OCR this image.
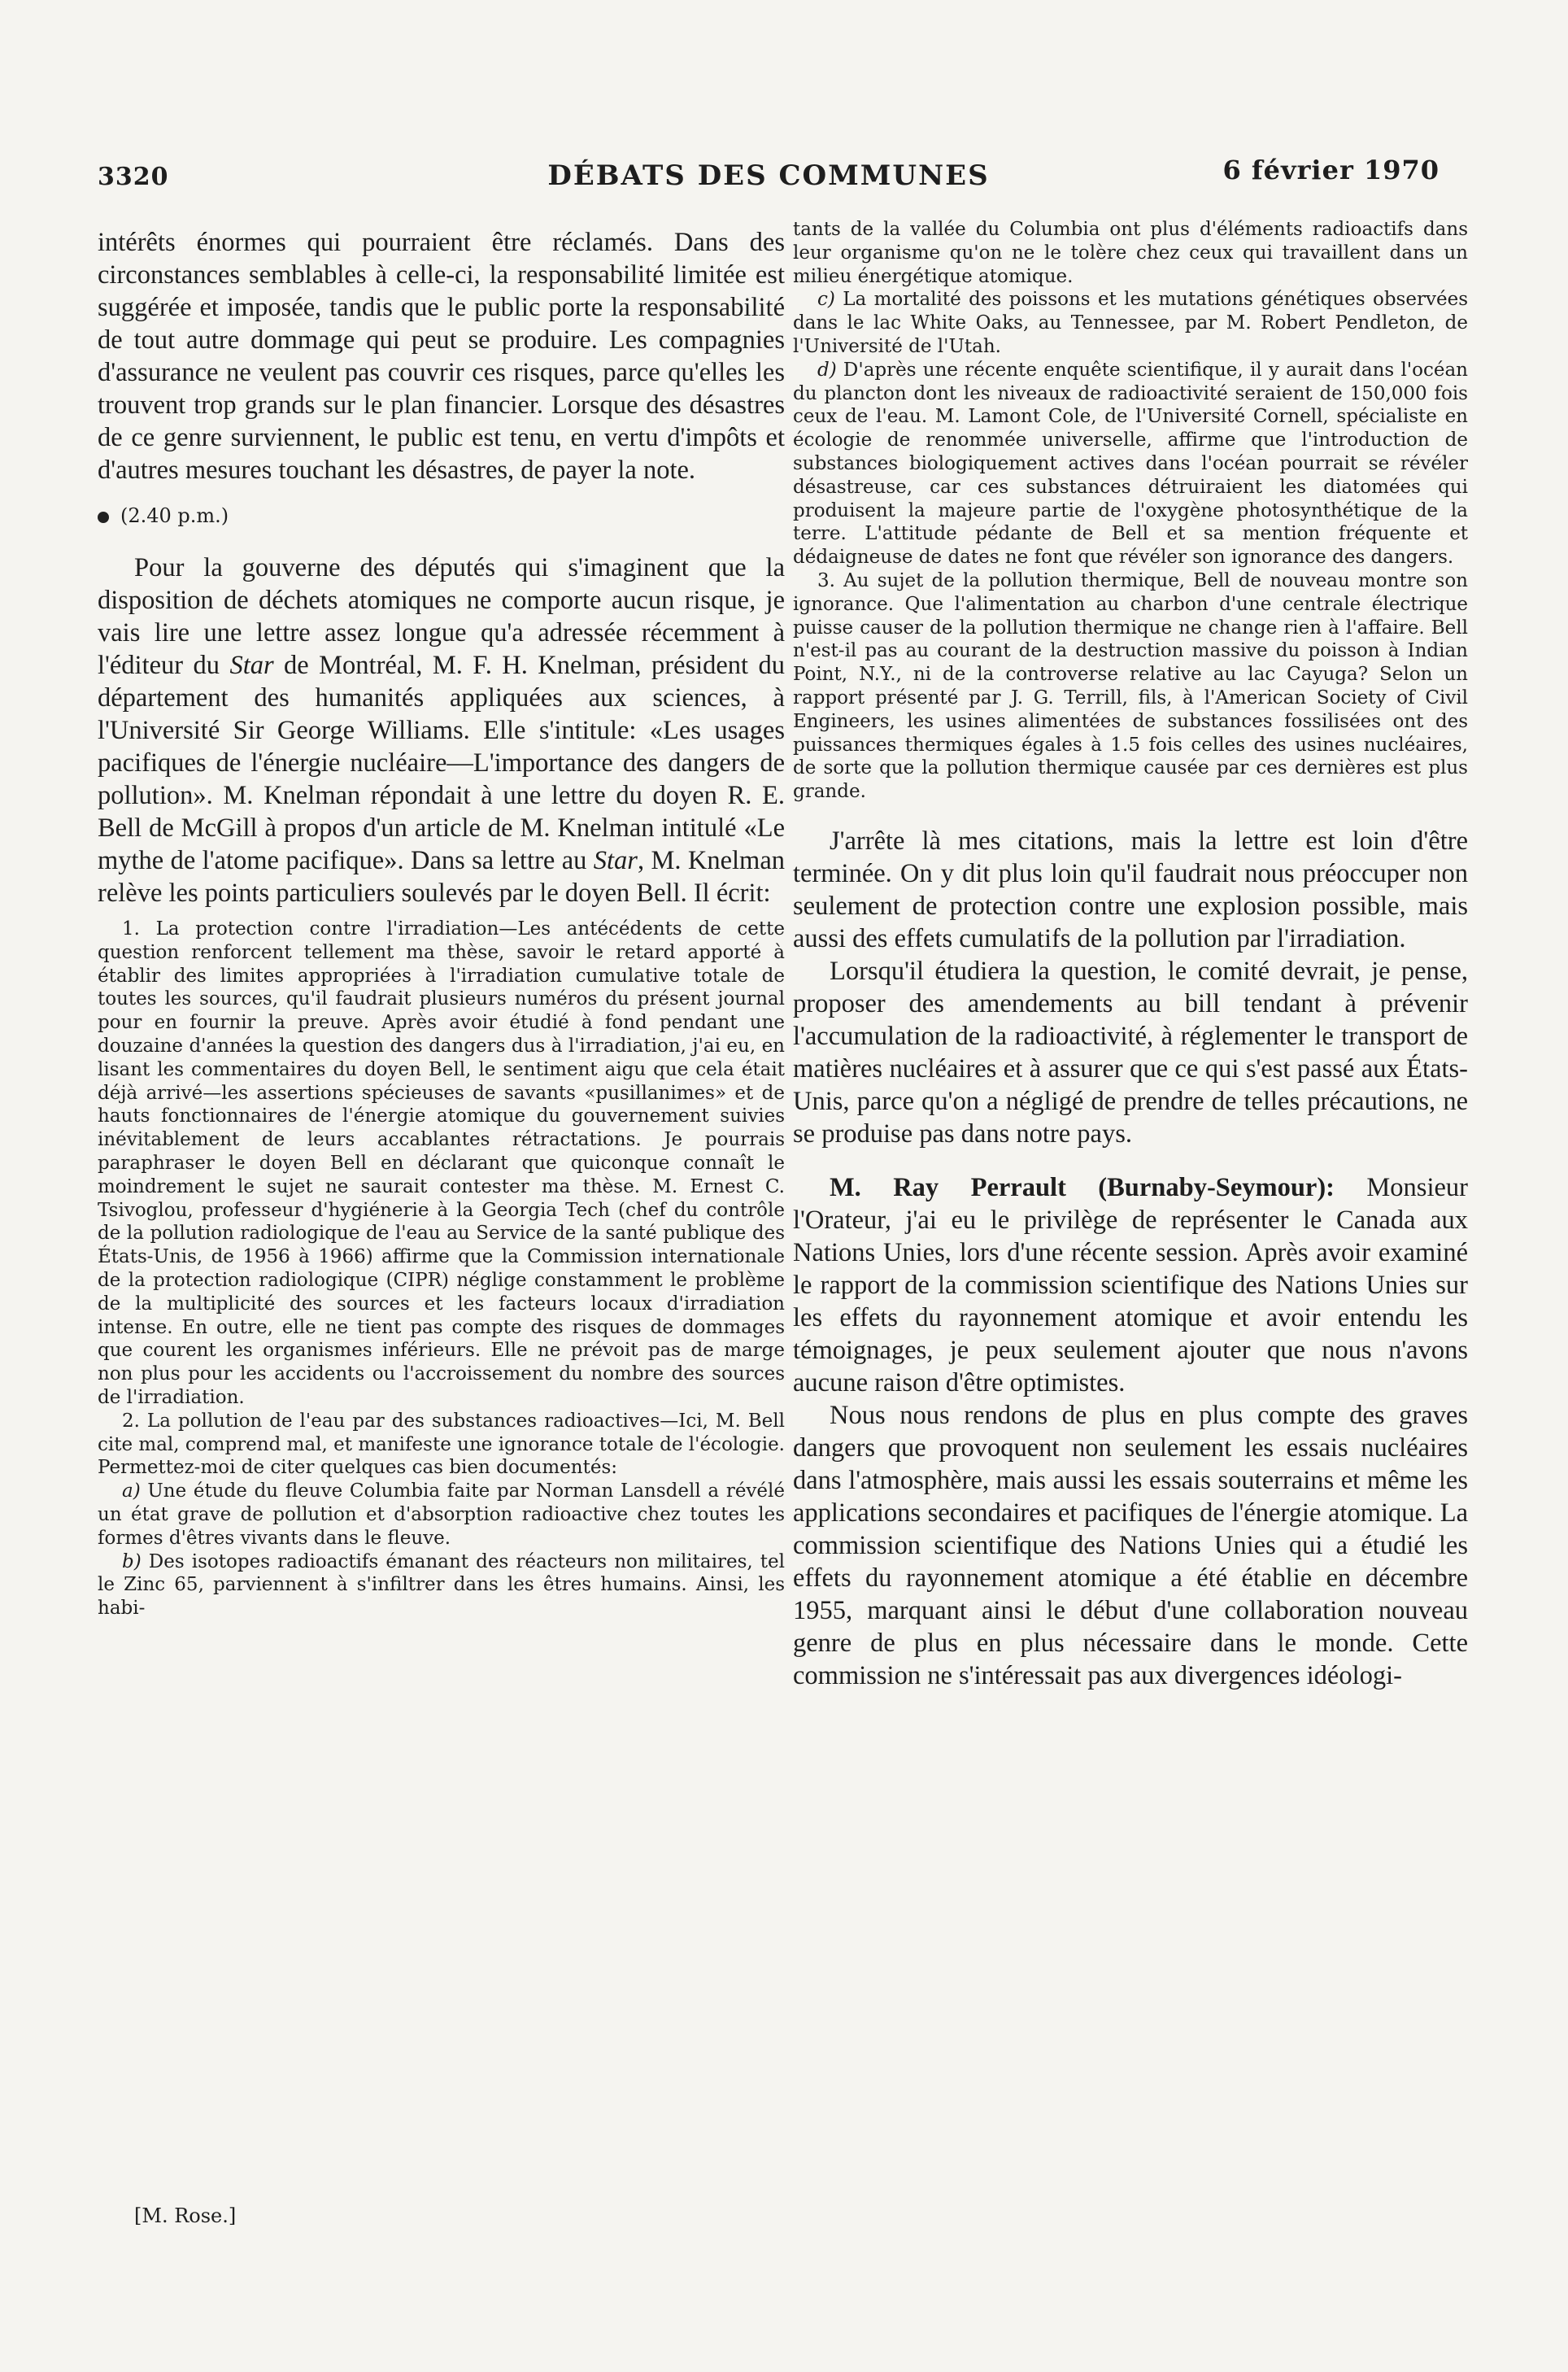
3320	DÉBATS DES COMMUNES	6 février 1970

intérêts énormes qui pourraient être réclamés. Dans des circonstances semblables à celle-ci, la responsabilité limitée est suggérée et imposée, tandis que le public porte la responsabilité de tout autre dommage qui peut se produire. Les compagnies d'assurance ne veulent pas couvrir ces risques, parce qu'elles les trouvent trop grands sur le plan financier. Lorsque des désastres de ce genre surviennent, le public est tenu, en vertu d'impôts et d'autres mesures touchant les désastres, de payer la note.

(2.40 p.m.)

Pour la gouverne des députés qui s'imaginent que la disposition de déchets atomiques ne comporte aucun risque, je vais lire une lettre assez longue qu'a adressée récemment à l'éditeur du Star de Montréal, M. F. H. Knelman, président du département des humanités appliquées aux sciences, à l'Université Sir George Williams. Elle s'intitule: «Les usages pacifiques de l'énergie nucléaire—L'importance des dangers de pollution». M. Knelman répondait à une lettre du doyen R. E. Bell de McGill à propos d'un article de M. Knelman intitulé «Le mythe de l'atome pacifique». Dans sa lettre au Star, M. Knelman relève les points particuliers soulevés par le doyen Bell. Il écrit:

1. La protection contre l'irradiation—Les antécédents de cette question renforcent tellement ma thèse, savoir le retard apporté à établir des limites appropriées à l'irradiation cumulative totale de toutes les sources, qu'il faudrait plusieurs numéros du présent journal pour en fournir la preuve. Après avoir étudié à fond pendant une douzaine d'années la question des dangers dus à l'irradiation, j'ai eu, en lisant les commentaires du doyen Bell, le sentiment aigu que cela était déjà arrivé—les assertions spécieuses de savants «pusillanimes» et de hauts fonctionnaires de l'énergie atomique du gouvernement suivies inévitablement de leurs accablantes rétractations. Je pourrais paraphraser le doyen Bell en déclarant que quiconque connaît le moindrement le sujet ne saurait contester ma thèse. M. Ernest C. Tsivoglou, professeur d'hygiénerie à la Georgia Tech (chef du contrôle de la pollution radiologique de l'eau au Service de la santé publique des États-Unis, de 1956 à 1966) affirme que la Commission internationale de la protection radiologique (CIPR) néglige constamment le problème de la multiplicité des sources et les facteurs locaux d'irradiation intense. En outre, elle ne tient pas compte des risques de dommages que courent les organismes inférieurs. Elle ne prévoit pas de marge non plus pour les accidents ou l'accroissement du nombre des sources de l'irradiation.

2. La pollution de l'eau par des substances radioactives—Ici, M. Bell cite mal, comprend mal, et manifeste une ignorance totale de l'écologie. Permettez-moi de citer quelques cas bien documentés:

a) Une étude du fleuve Columbia faite par Norman Lansdell a révélé un état grave de pollution et d'absorption radioactive chez toutes les formes d'êtres vivants dans le fleuve.

b) Des isotopes radioactifs émanant des réacteurs non militaires, tel le Zinc 65, parviennent à s'infiltrer dans les êtres humains. Ainsi, les habi-

tants de la vallée du Columbia ont plus d'éléments radioactifs dans leur organisme qu'on ne le tolère chez ceux qui travaillent dans un milieu énergétique atomique.

c) La mortalité des poissons et les mutations génétiques observées dans le lac White Oaks, au Tennessee, par M. Robert Pendleton, de l'Université de l'Utah.

d) D'après une récente enquête scientifique, il y aurait dans l'océan du plancton dont les niveaux de radioactivité seraient de 150,000 fois ceux de l'eau. M. Lamont Cole, de l'Université Cornell, spécialiste en écologie de renommée universelle, affirme que l'introduction de substances biologiquement actives dans l'océan pourrait se révéler désastreuse, car ces substances détruiraient les diatomées qui produisent la majeure partie de l'oxygène photosynthétique de la terre. L'attitude pédante de Bell et sa mention fréquente et dédaigneuse de dates ne font que révéler son ignorance des dangers.

3. Au sujet de la pollution thermique, Bell de nouveau montre son ignorance. Que l'alimentation au charbon d'une centrale électrique puisse causer de la pollution thermique ne change rien à l'affaire. Bell n'est-il pas au courant de la destruction massive du poisson à Indian Point, N.Y., ni de la controverse relative au lac Cayuga? Selon un rapport présenté par J. G. Terrill, fils, à l'American Society of Civil Engineers, les usines alimentées de substances fossilisées ont des puissances thermiques égales à 1.5 fois celles des usines nucléaires, de sorte que la pollution thermique causée par ces dernières est plus grande.

J'arrête là mes citations, mais la lettre est loin d'être terminée. On y dit plus loin qu'il faudrait nous préoccuper non seulement de protection contre une explosion possible, mais aussi des effets cumulatifs de la pollution par l'irradiation.

Lorsqu'il étudiera la question, le comité devrait, je pense, proposer des amendements au bill tendant à prévenir l'accumulation de la radioactivité, à réglementer le transport de matières nucléaires et à assurer que ce qui s'est passé aux États-Unis, parce qu'on a négligé de prendre de telles précautions, ne se produise pas dans notre pays.

M. Ray Perrault (Burnaby-Seymour): Monsieur l'Orateur, j'ai eu le privilège de représenter le Canada aux Nations Unies, lors d'une récente session. Après avoir examiné le rapport de la commission scientifique des Nations Unies sur les effets du rayonnement atomique et avoir entendu les témoignages, je peux seulement ajouter que nous n'avons aucune raison d'être optimistes.

Nous nous rendons de plus en plus compte des graves dangers que provoquent non seulement les essais nucléaires dans l'atmosphère, mais aussi les essais souterrains et même les applications secondaires et pacifiques de l'énergie atomique. La commission scientifique des Nations Unies qui a étudié les effets du rayonnement atomique a été établie en décembre 1955, marquant ainsi le début d'une collaboration nouveau genre de plus en plus nécessaire dans le monde. Cette commission ne s'intéressait pas aux divergences idéologi-

[M. Rose.]
